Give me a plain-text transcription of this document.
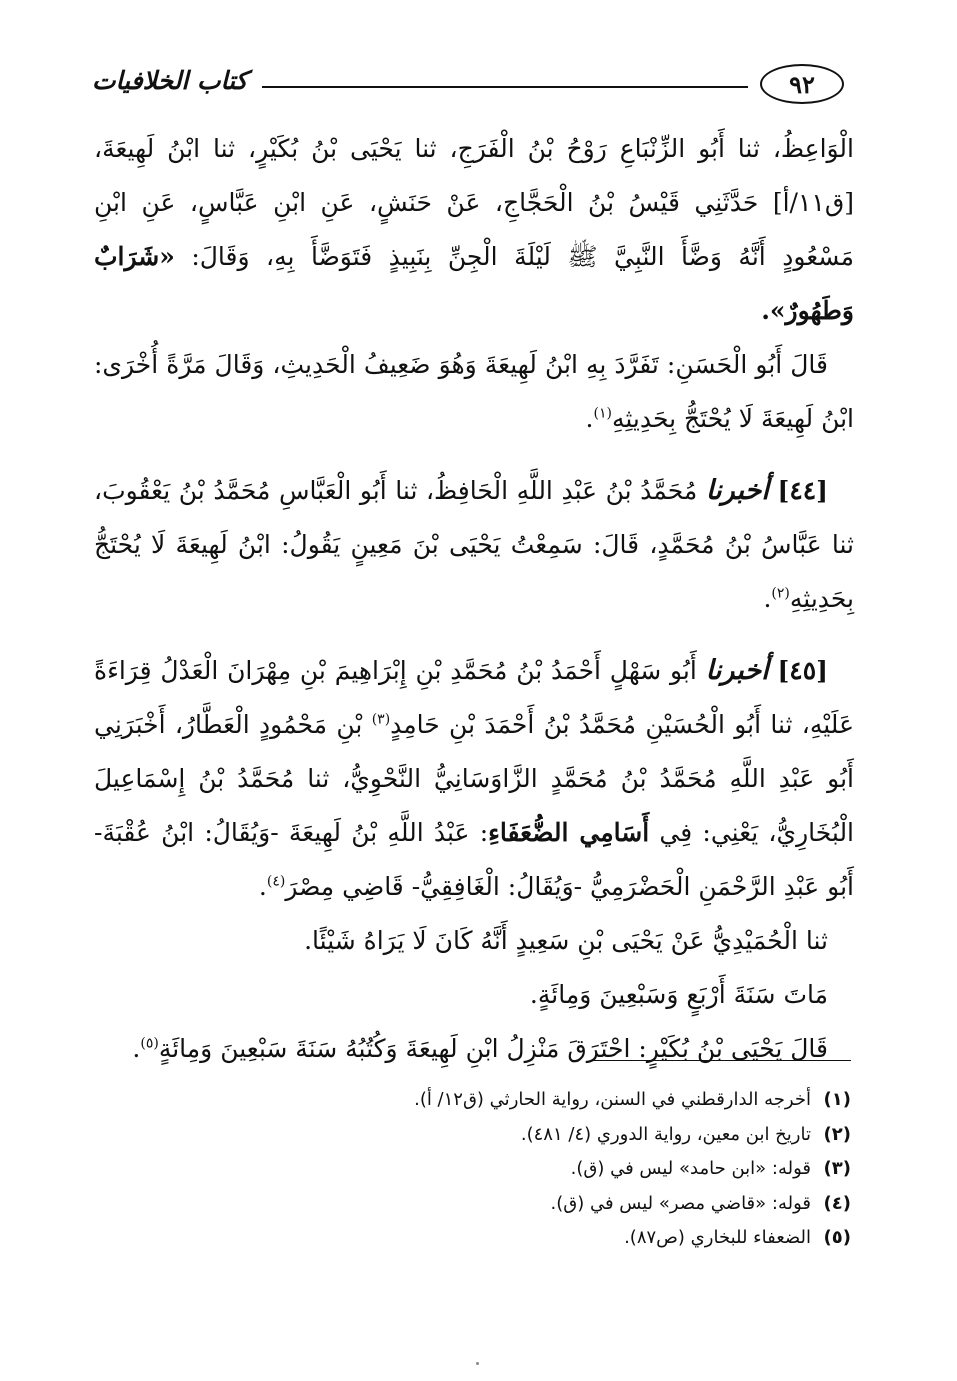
٩٢
كتاب الخلافيات

الْوَاعِظُ، ثنا أَبُو الزِّنْبَاعِ رَوْحُ بْنُ الْفَرَجِ، ثنا يَحْيَى بْنُ بُكَيْرٍ، ثنا ابْنُ لَهِيعَةَ، [ق١١/أ] حَدَّثَنِي قَيْسُ بْنُ الْحَجَّاجِ، عَنْ حَنَشٍ، عَنِ ابْنِ عَبَّاسٍ، عَنِ ابْنِ مَسْعُودٍ أَنَّهُ وَضَّأَ النَّبِيَّ ﷺ لَيْلَةَ الْجِنِّ بِنَبِيذٍ فَتَوَضَّأَ بِهِ، وَقَالَ: «شَرَابٌ وَطَهُورٌ».

قَالَ أَبُو الْحَسَنِ: تَفَرَّدَ بِهِ ابْنُ لَهِيعَةَ وَهُوَ ضَعِيفُ الْحَدِيثِ، وَقَالَ مَرَّةً أُخْرَى: ابْنُ لَهِيعَةَ لَا يُحْتَجُّ بِحَدِيثِهِ$^{(١)}$.

[٤٤] أخبرنا مُحَمَّدُ بْنُ عَبْدِ اللَّهِ الْحَافِظُ، ثنا أَبُو الْعَبَّاسِ مُحَمَّدُ بْنُ يَعْقُوبَ، ثنا عَبَّاسُ بْنُ مُحَمَّدٍ، قَالَ: سَمِعْتُ يَحْيَى بْنَ مَعِينٍ يَقُولُ: ابْنُ لَهِيعَةَ لَا يُحْتَجُّ بِحَدِيثِهِ$^{(٢)}$.

[٤٥] أخبرنا أَبُو سَهْلٍ أَحْمَدُ بْنُ مُحَمَّدِ بْنِ إِبْرَاهِيمَ بْنِ مِهْرَانَ الْعَدْلُ قِرَاءَةً عَلَيْهِ، ثنا أَبُو الْحُسَيْنِ مُحَمَّدُ بْنُ أَحْمَدَ بْنِ حَامِدٍ$^{(٣)}$ بْنِ مَحْمُودٍ الْعَطَّارُ، أَخْبَرَنِي أَبُو عَبْدِ اللَّهِ مُحَمَّدُ بْنُ مُحَمَّدٍ الزَّاوَسَانِيُّ النَّحْوِيُّ، ثنا مُحَمَّدُ بْنُ إِسْمَاعِيلَ الْبُخَارِيُّ، يَعْنِي: فِي أَسَامِي الضُّعَفَاءِ: عَبْدُ اللَّهِ بْنُ لَهِيعَةَ -وَيُقَالُ: ابْنُ عُقْبَةَ- أَبُو عَبْدِ الرَّحْمَنِ الْحَضْرَمِيُّ -وَيُقَالُ: الْغَافِقِيُّ- قَاضِي مِصْرَ$^{(٤)}$.

ثنا الْحُمَيْدِيُّ عَنْ يَحْيَى بْنِ سَعِيدٍ أَنَّهُ كَانَ لَا يَرَاهُ شَيْئًا.

مَاتَ سَنَةَ أَرْبَعٍ وَسَبْعِينَ وَمِائَةٍ.

قَالَ يَحْيَى بْنُ بُكَيْرٍ: احْتَرَقَ مَنْزِلُ ابْنِ لَهِيعَةَ وَكُتُبُهُ سَنَةَ سَبْعِينَ وَمِائَةٍ$^{(٥)}$.

(١)
أخرجه الدارقطني في السنن، رواية الحارثي (ق١٢/ أ).
(٢)
تاريخ ابن معين، رواية الدوري (٤/ ٤٨١).
(٣)
قوله: «ابن حامد» ليس في (ق).
(٤)
قوله: «قاضي مصر» ليس في (ق).
(٥)
الضعفاء للبخاري (ص٨٧).
